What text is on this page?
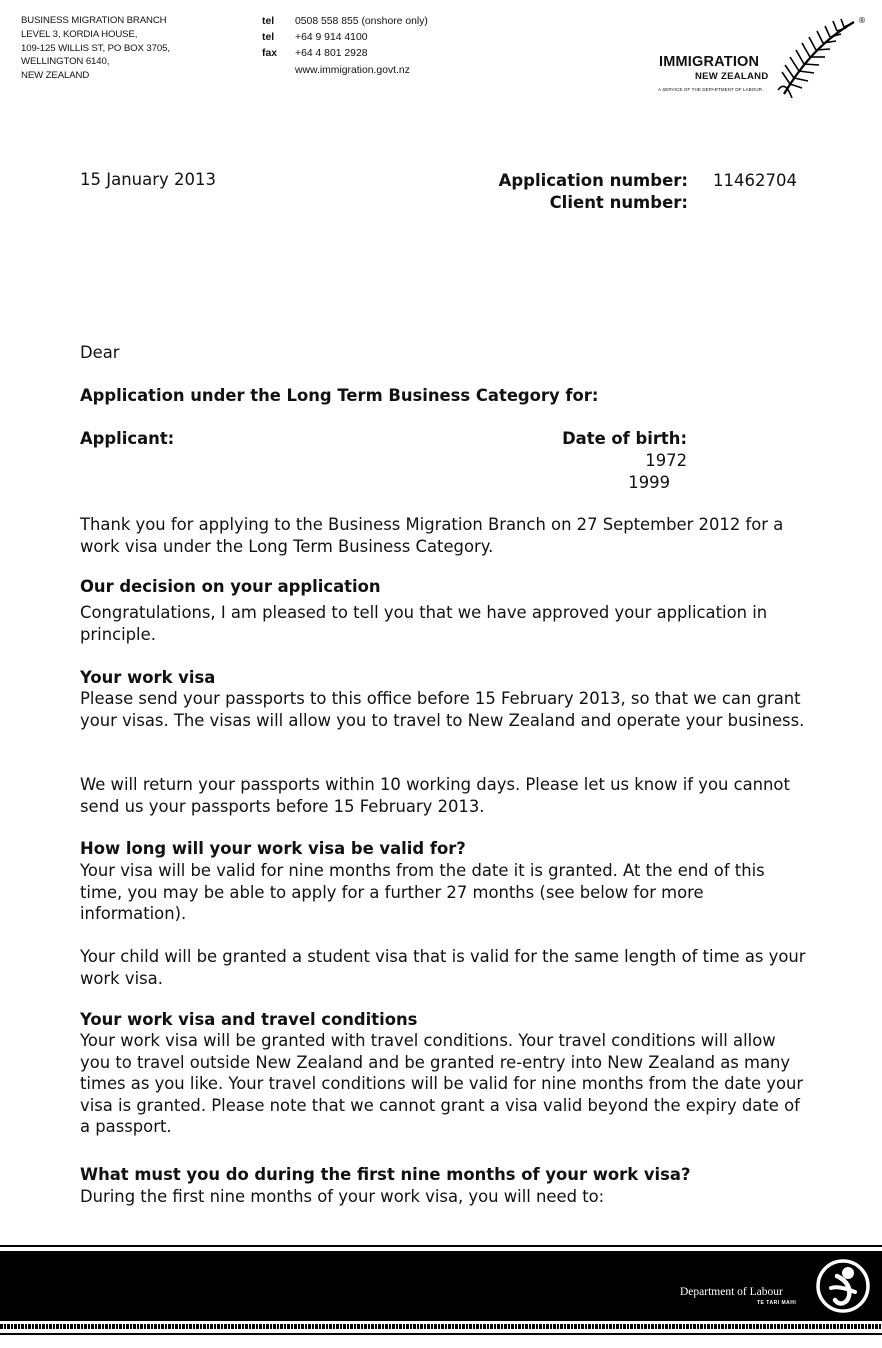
BUSINESS MIGRATION BRANCH
LEVEL 3, KORDIA HOUSE,
109-125 WILLIS ST, PO BOX 3705,
WELLINGTON 6140,
NEW ZEALAND
tel	0508 558 855 (onshore only)
tel	+64 9 914 4100
fax	+64 4 801 2928
www.immigration.govt.nz
®
IMMIGRATION
NEW ZEALAND
A SERVICE OF THE DEPARTMENT OF LABOUR
15 January 2013	Application number: 11462704
Client number:
Dear
Application under the Long Term Business Category for:
Applicant:	Date of birth:
1972
1999
Thank you for applying to the Business Migration Branch on 27 September 2012 for a work visa under the Long Term Business Category.
Our decision on your application
Congratulations, I am pleased to tell you that we have approved your application in principle.
Your work visa
Please send your passports to this office before 15 February 2013, so that we can grant your visas. The visas will allow you to travel to New Zealand and operate your business.
We will return your passports within 10 working days. Please let us know if you cannot send us your passports before 15 February 2013.
How long will your work visa be valid for?
Your visa will be valid for nine months from the date it is granted. At the end of this time, you may be able to apply for a further 27 months (see below for more information).
Your child will be granted a student visa that is valid for the same length of time as your work visa.
Your work visa and travel conditions
Your work visa will be granted with travel conditions. Your travel conditions will allow you to travel outside New Zealand and be granted re-entry into New Zealand as many times as you like. Your travel conditions will be valid for nine months from the date your visa is granted. Please note that we cannot grant a visa valid beyond the expiry date of a passport.
What must you do during the first nine months of your work visa?
During the first nine months of your work visa, you will need to:
Department of Labour
TE TARI MAHI
